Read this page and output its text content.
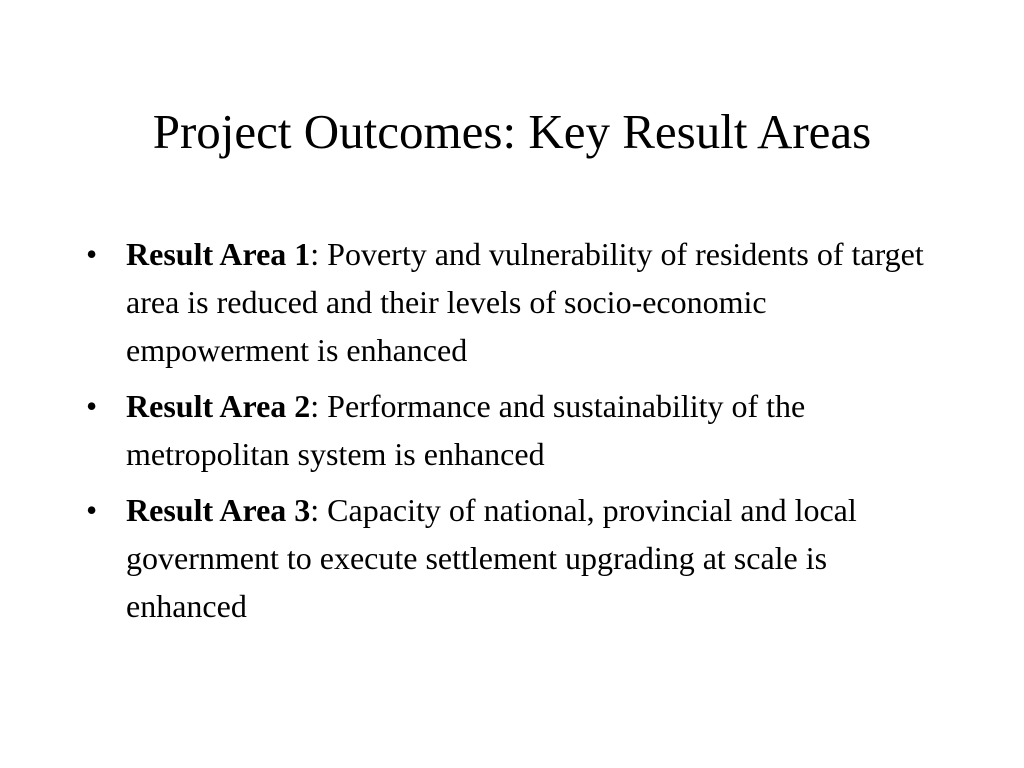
Project Outcomes: Key Result Areas
• Result Area 1: Poverty and vulnerability of residents of target area is reduced and their levels of socio-economic empowerment is enhanced
• Result Area 2: Performance and sustainability of the metropolitan system is enhanced
• Result Area 3: Capacity of national, provincial and local government to execute settlement upgrading at scale is enhanced
